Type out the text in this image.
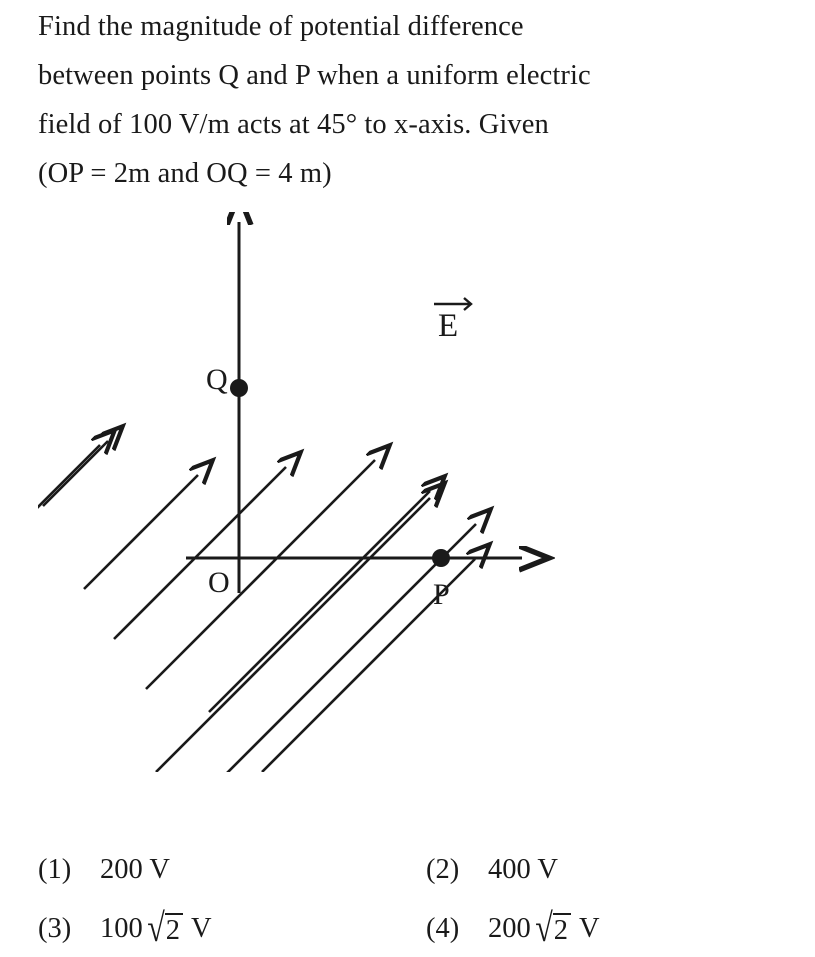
Find the magnitude of potential difference
between points Q and P when a uniform electric
field of 100 V/m acts at 45° to x-axis. Given
(OP = 2m and OQ = 4 m)
Q
O	P
E
(1)	200 V	(2)	400 V
(3)	100 √ 2 V	(4)	200 √ 2 V
